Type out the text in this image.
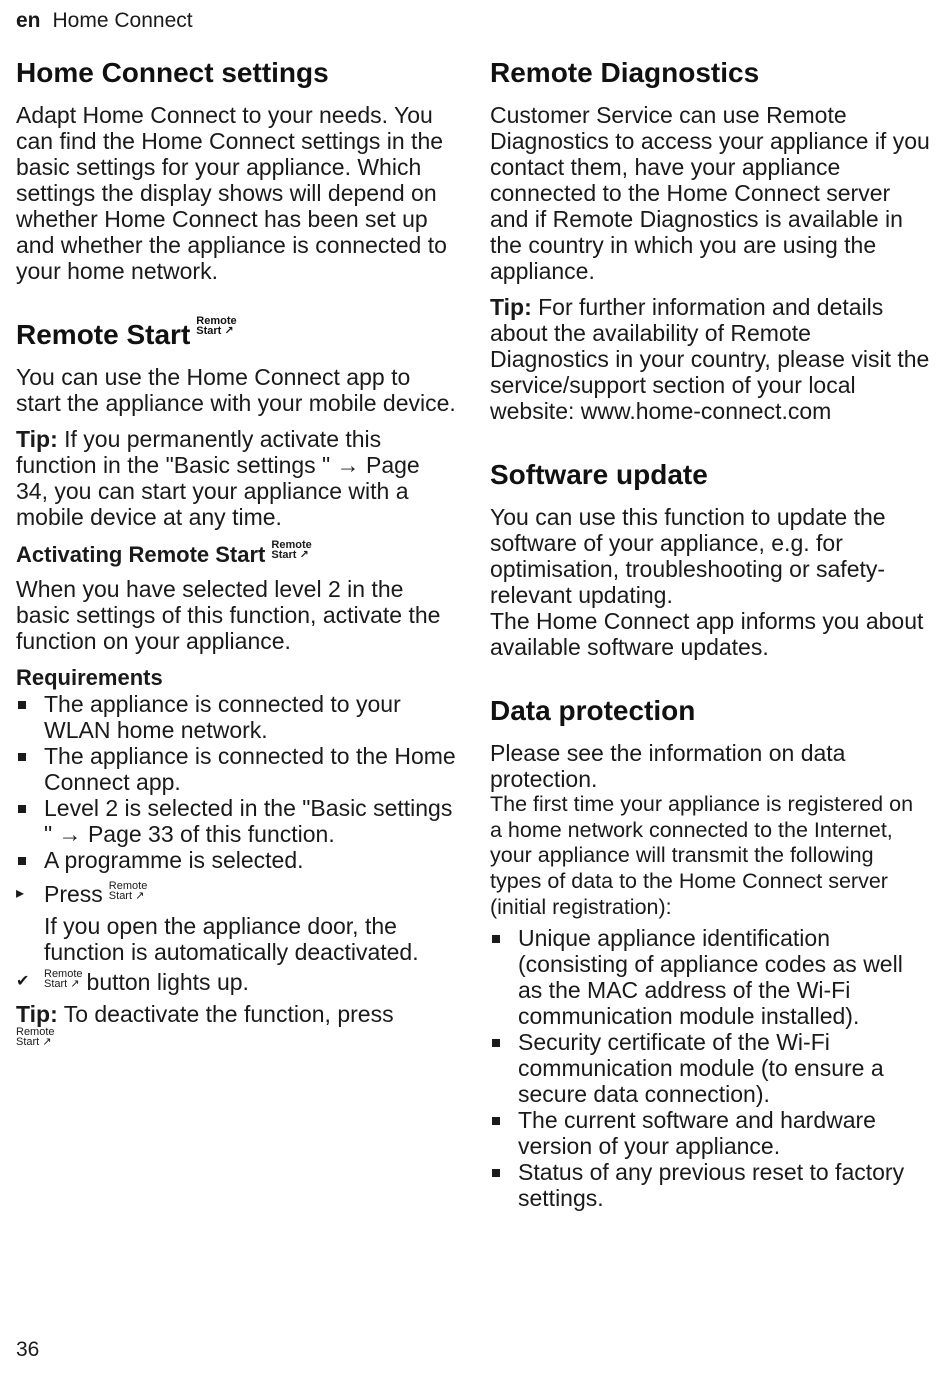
en Home Connect
Home Connect settings

Adapt Home Connect to your needs. You can find the Home Connect settings in the basic settings for your appliance. Which settings the display shows will depend on whether Home Connect has been set up and whether the appliance is connected to your home network.

Remote Start Remote
Start ↗

You can use the Home Connect app to start the appliance with your mobile device.

Tip: If you permanently activate this function in the "Basic settings " → Page 34, you can start your appliance with a mobile device at any time.

Activating Remote Start Remote
Start ↗

When you have selected level 2 in the basic settings of this function, activate the function on your appliance.

Requirements
The appliance is connected to your WLAN home network.
The appliance is connected to the Home Connect app.
Level 2 is selected in the "Basic settings " → Page 33 of this function.
A programme is selected.
▸ Press Remote
Start ↗

If you open the appliance door, the function is automatically deactivated.

✔ Remote
Start ↗ button lights up.

Tip: To deactivate the function, press

Remote
Start ↗

Remote Diagnostics

Customer Service can use Remote Diagnostics to access your appliance if you contact them, have your appliance connected to the Home Connect server and if Remote Diagnostics is available in the country in which you are using the appliance.

Tip: For further information and details about the availability of Remote Diagnostics in your country, please visit the service/support section of your local website: www.home-connect.com

Software update

You can use this function to update the software of your appliance, e.g. for optimisation, troubleshooting or safety-relevant updating.

The Home Connect app informs you about available software updates.

Data protection

Please see the information on data protection.

The first time your appliance is registered on a home network connected to the Internet, your appliance will transmit the following types of data to the Home Connect server (initial registration):

Unique appliance identification (consisting of appliance codes as well as the MAC address of the Wi-Fi communication module installed).
Security certificate of the Wi-Fi communication module (to ensure a secure data connection).
The current software and hardware version of your appliance.
Status of any previous reset to factory settings.
36
